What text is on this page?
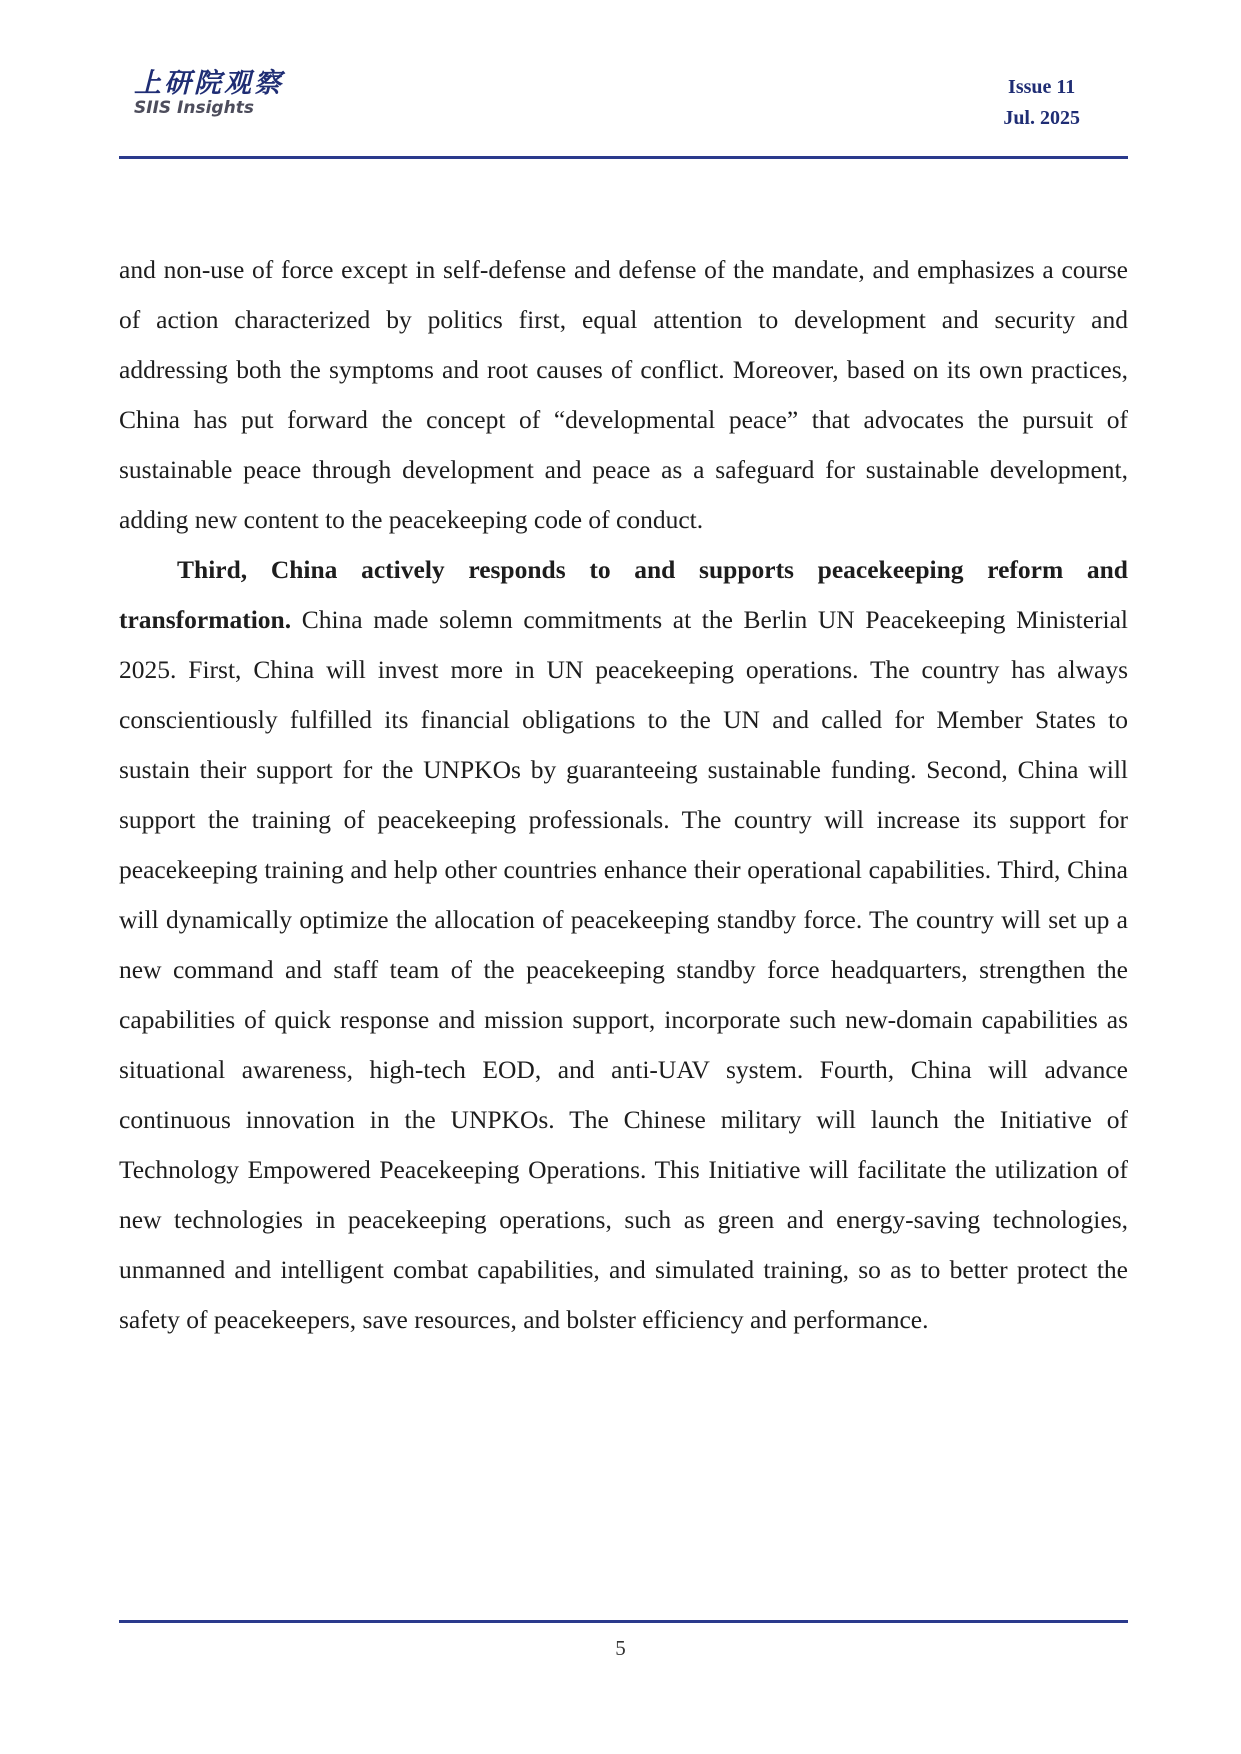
上研院观察
SIIS Insights
Issue 11
Jul. 2025

and non-use of force except in self-defense and defense of the mandate, and emphasizes a course of action characterized by politics first, equal attention to development and security and addressing both the symptoms and root causes of conflict. Moreover, based on its own practices, China has put forward the concept of “developmental peace” that advocates the pursuit of sustainable peace through development and peace as a safeguard for sustainable development, adding new content to the peacekeeping code of conduct.

Third, China actively responds to and supports peacekeeping reform and transformation. China made solemn commitments at the Berlin UN Peacekeeping Ministerial 2025. First, China will invest more in UN peacekeeping operations. The country has always conscientiously fulfilled its financial obligations to the UN and called for Member States to sustain their support for the UNPKOs by guaranteeing sustainable funding. Second, China will support the training of peacekeeping professionals. The country will increase its support for peacekeeping training and help other countries enhance their operational capabilities. Third, China will dynamically optimize the allocation of peacekeeping standby force. The country will set up a new command and staff team of the peacekeeping standby force headquarters, strengthen the capabilities of quick response and mission support, incorporate such new-domain capabilities as situational awareness, high-tech EOD, and anti-UAV system. Fourth, China will advance continuous innovation in the UNPKOs. The Chinese military will launch the Initiative of Technology Empowered Peacekeeping Operations. This Initiative will facilitate the utilization of new technologies in peacekeeping operations, such as green and energy-saving technologies, unmanned and intelligent combat capabilities, and simulated training, so as to better protect the safety of peacekeepers, save resources, and bolster efficiency and performance.

5
